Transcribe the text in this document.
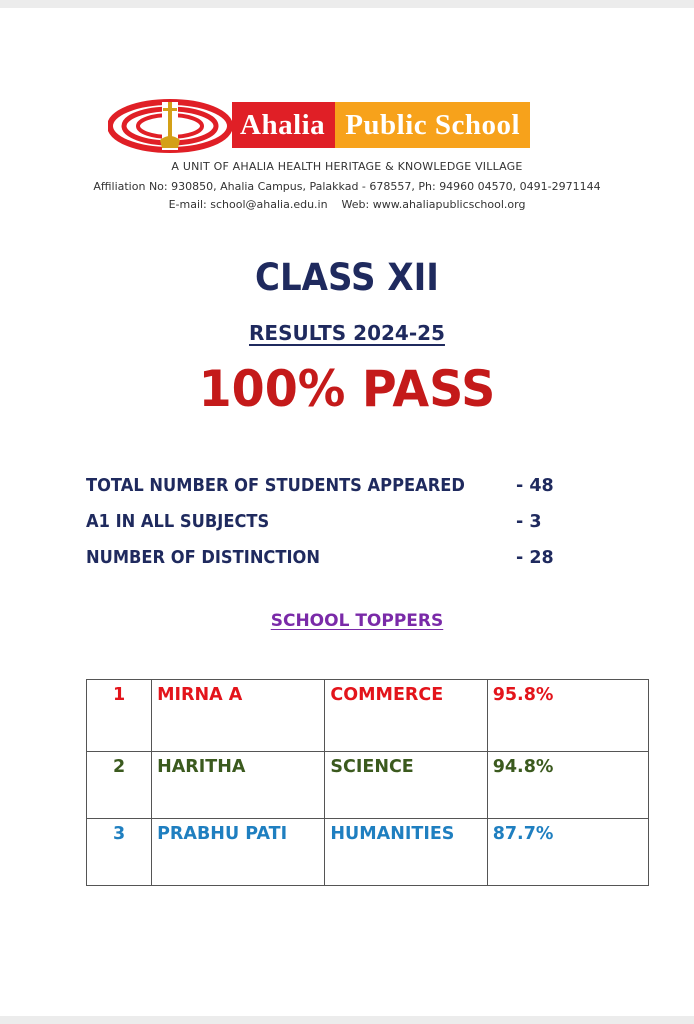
Ahalia Public School
A UNIT OF AHALIA HEALTH HERITAGE & KNOWLEDGE VILLAGE
Affiliation No: 930850, Ahalia Campus, Palakkad - 678557, Ph: 94960 04570, 0491-2971144
E-mail: school@ahalia.edu.in    Web: www.ahaliapublicschool.org
CLASS XII
RESULTS 2024-25
100% PASS
TOTAL NUMBER OF STUDENTS APPEARED	- 48
A1 IN ALL SUBJECTS	- 3
NUMBER OF DISTINCTION	- 28
SCHOOL TOPPERS
1	MIRNA A	COMMERCE	95.8%
2	HARITHA	SCIENCE	94.8%
3	PRABHU PATI	HUMANITIES	87.7%
